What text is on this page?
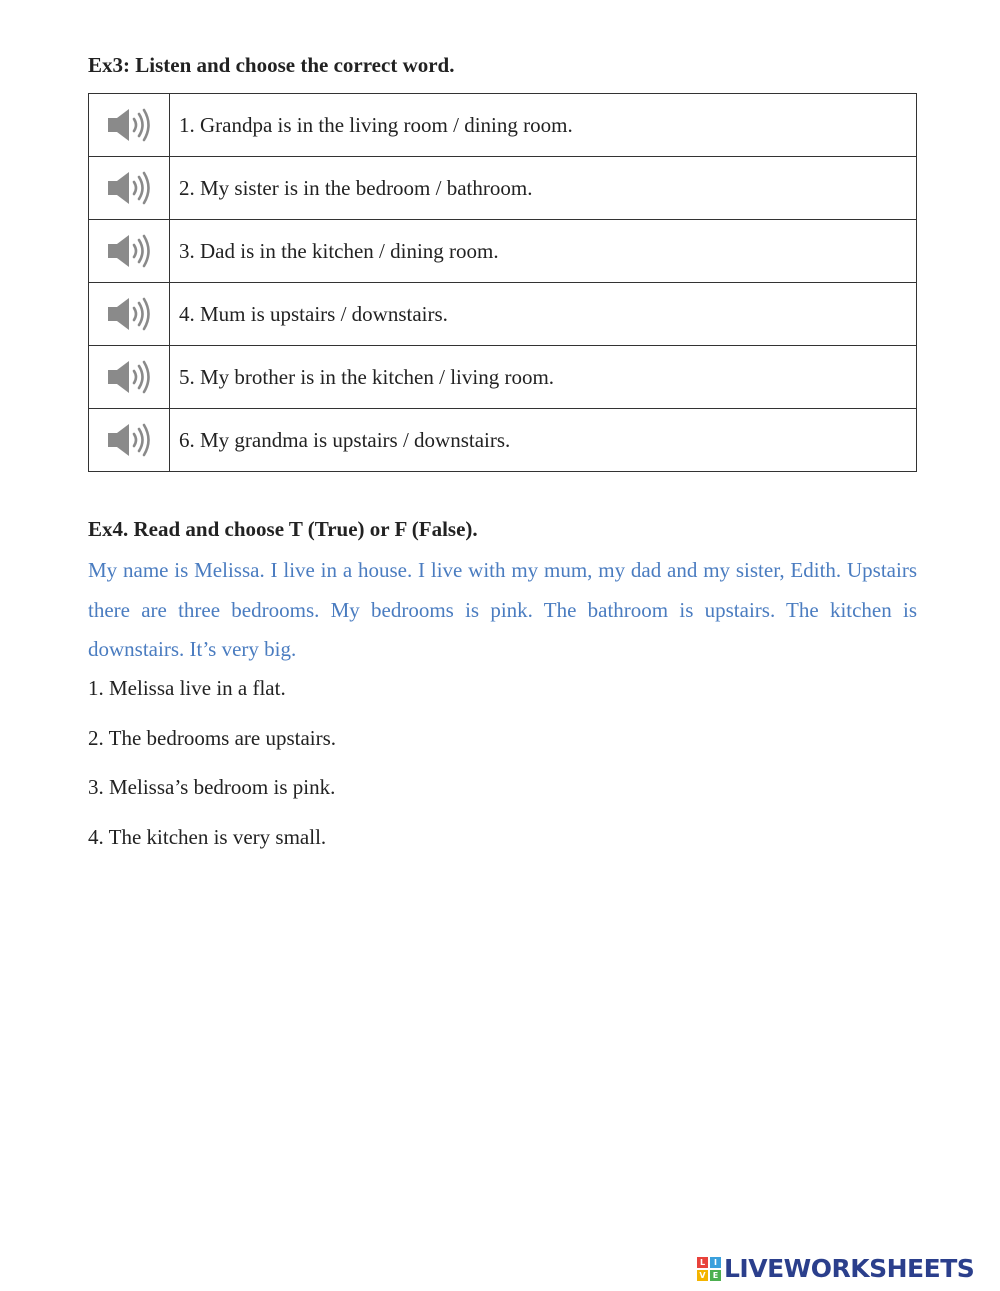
Ex3: Listen and choose the correct word.
	1. Grandpa is in the living room / dining room.
	2. My sister is in the bedroom / bathroom.
	3. Dad is in the kitchen / dining room.
	4. Mum is upstairs / downstairs.
	5. My brother is in the kitchen / living room.
	6. My grandma is upstairs / downstairs.
Ex4. Read and choose T (True) or F (False).

My name is Melissa. I live in a house. I live with my mum, my dad and my sister, Edith. Upstairs there are three bedrooms. My bedrooms is pink. The bathroom is upstairs. The kitchen is downstairs. It’s very big.

1. Melissa live in a flat.
2. The bedrooms are upstairs.
3. Melissa’s bedroom is pink.
4. The kitchen is very small.
L	I
V E LIVEWORKSHEETS
